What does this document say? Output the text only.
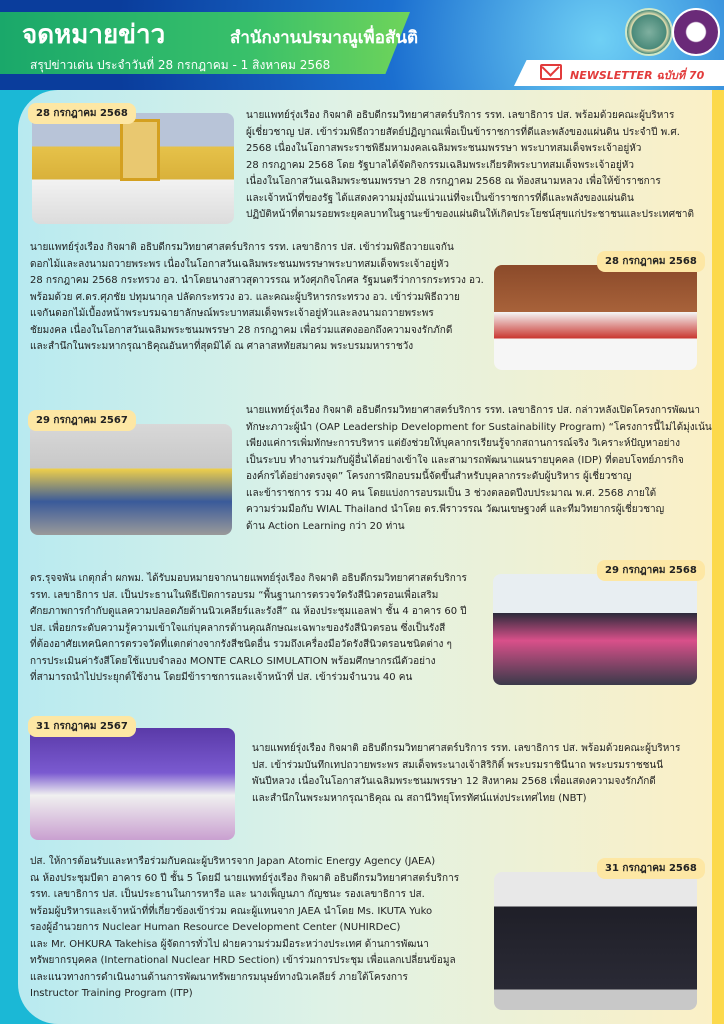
จดหมายข่าว	สำนักงานปรมาณูเพื่อสันติ
สรุปข่าวเด่น ประจำวันที่ 28 กรกฎาคม - 1 สิงหาคม 2568
NEWSLETTER ฉบับที่ 70
28 กรกฎาคม 2568	นายแพทย์รุ่งเรือง กิจผาติ อธิบดีกรมวิทยาศาสตร์บริการ รรท. เลขาธิการ ปส. พร้อมด้วยคณะผู้บริหาร
ผู้เชี่ยวชาญ ปส. เข้าร่วมพิธีถวายสัตย์ปฏิญาณเพื่อเป็นข้าราชการที่ดีและพลังของแผ่นดิน ประจำปี พ.ศ.
2568 เนื่องในโอกาสพระราชพิธีมหามงคลเฉลิมพระชนมพรรษา พระบาทสมเด็จพระเจ้าอยู่หัว
28 กรกฎาคม 2568 โดย รัฐบาลได้จัดกิจกรรมเฉลิมพระเกียรติพระบาทสมเด็จพระเจ้าอยู่หัว
เนื่องในโอกาสวันเฉลิมพระชนมพรรษา 28 กรกฎาคม 2568 ณ ท้องสนามหลวง เพื่อให้ข้าราชการ
และเจ้าหน้าที่ของรัฐ ได้แสดงความมุ่งมั่นแน่วแน่ที่จะเป็นข้าราชการที่ดีและพลังของแผ่นดิน
ปฏิบัติหน้าที่ตามรอยพระยุคลบาทในฐานะข้าของแผ่นดินให้เกิดประโยชน์สุขแก่ประชาชนและประเทศชาติ
นายแพทย์รุ่งเรือง กิจผาติ อธิบดีกรมวิทยาศาสตร์บริการ รรท. เลขาธิการ ปส. เข้าร่วมพิธีถวายแจกัน
ดอกไม้และลงนามถวายพระพร เนื่องในโอกาสวันเฉลิมพระชนมพรรษาพระบาทสมเด็จพระเจ้าอยู่หัว
28 กรกฎาคม 2568 กระทรวง อว. นำโดยนางสาวสุดาวรรณ หวังศุภกิจโกศล รัฐมนตรีว่าการกระทรวง อว.
พร้อมด้วย ศ.ดร.ศุภชัย ปทุมนากุล ปลัดกระทรวง อว. และคณะผู้บริหารกระทรวง อว. เข้าร่วมพิธีถวาย
แจกันดอกไม้เบื้องหน้าพระบรมฉายาลักษณ์พระบาทสมเด็จพระเจ้าอยู่หัวและลงนามถวายพระพร
ชัยมงคล เนื่องในโอกาสวันเฉลิมพระชนมพรรษา 28 กรกฎาคม เพื่อร่วมแสดงออกถึงความจงรักภักดี
และสำนึกในพระมหากรุณาธิคุณอันหาที่สุดมิได้ ณ ศาลาสหทัยสมาคม พระบรมมหาราชวัง
28 กรกฎาคม 2568
29 กรกฎาคม 2567
นายแพทย์รุ่งเรือง กิจผาติ อธิบดีกรมวิทยาศาสตร์บริการ รรท. เลขาธิการ ปส. กล่าวหลังเปิดโครงการพัฒนา
ทักษะภาวะผู้นำ (OAP Leadership Development for Sustainability Program) “โครงการนี้ไม่ได้มุ่งเน้น
เพียงแค่การเพิ่มทักษะการบริหาร แต่ยังช่วยให้บุคลากรเรียนรู้จากสถานการณ์จริง วิเคราะห์ปัญหาอย่าง
เป็นระบบ ทำงานร่วมกับผู้อื่นได้อย่างเข้าใจ และสามารถพัฒนาแผนรายบุคคล (IDP) ที่ตอบโจทย์ภารกิจ
องค์กรได้อย่างตรงจุด” โครงการฝึกอบรมนี้จัดขึ้นสำหรับบุคลากรระดับผู้บริหาร ผู้เชี่ยวชาญ
และข้าราชการ รวม 40 คน โดยแบ่งการอบรมเป็น 3 ช่วงตลอดปีงบประมาณ พ.ศ. 2568 ภายใต้
ความร่วมมือกับ WIAL Thailand นำโดย ดร.พีราวรรณ วัฒนเขษฐวงศ์ และทีมวิทยากรผู้เชี่ยวชาญ
ด้าน Action Learning กว่า 20 ท่าน
ดร.รุจจพัน เกตุกล่ำ ผกพม. ได้รับมอบหมายจากนายแพทย์รุ่งเรือง กิจผาติ อธิบดีกรมวิทยาศาสตร์บริการ
รรท. เลขาธิการ ปส. เป็นประธานในพิธีเปิดการอบรม “พื้นฐานการตรวจวัดรังสีนิวตรอนเพื่อเสริม
ศักยภาพการกำกับดูแลความปลอดภัยด้านนิวเคลียร์และรังสี” ณ ห้องประชุมแอลฟา ชั้น 4 อาคาร 60 ปี
ปส. เพื่อยกระดับความรู้ความเข้าใจแก่บุคลากรด้านคุณลักษณะเฉพาะของรังสีนิวตรอน ซึ่งเป็นรังสี
ที่ต้องอาศัยเทคนิคการตรวจวัดที่แตกต่างจากรังสีชนิดอื่น รวมถึงเครื่องมือวัดรังสีนิวตรอนชนิดต่าง ๆ
การประเมินค่ารังสีโดยใช้แบบจำลอง MONTE CARLO SIMULATION พร้อมศึกษากรณีตัวอย่าง
ที่สามารถนำไปประยุกต์ใช้งาน โดยมีข้าราชการและเจ้าหน้าที่ ปส. เข้าร่วมจำนวน 40 คน
29 กรกฎาคม 2568
31 กรกฎาคม 2567
นายแพทย์รุ่งเรือง กิจผาติ อธิบดีกรมวิทยาศาสตร์บริการ รรท. เลขาธิการ ปส. พร้อมด้วยคณะผู้บริหาร
ปส. เข้าร่วมบันทึกเทปถวายพระพร สมเด็จพระนางเจ้าสิริกิติ์ พระบรมราชินีนาถ พระบรมราชชนนี
พันปีหลวง เนื่องในโอกาสวันเฉลิมพระชนมพรรษา 12 สิงหาคม 2568 เพื่อแสดงความจงรักภักดี
และสำนึกในพระมหากรุณาธิคุณ ณ สถานีวิทยุโทรทัศน์แห่งประเทศไทย (NBT)
ปส. ให้การต้อนรับและหารือร่วมกับคณะผู้บริหารจาก Japan Atomic Energy Agency (JAEA)
ณ ห้องประชุมบีตา อาคาร 60 ปี ชั้น 5 โดยมี นายแพทย์รุ่งเรือง กิจผาติ อธิบดีกรมวิทยาศาสตร์บริการ
รรท. เลขาธิการ ปส. เป็นประธานในการหารือ และ นางเพ็ญนภา กัญชนะ รองเลขาธิการ ปส.
พร้อมผู้บริหารและเจ้าหน้าที่ที่เกี่ยวข้องเข้าร่วม คณะผู้แทนจาก JAEA นำโดย Ms. IKUTA Yuko
รองผู้อำนวยการ Nuclear Human Resource Development Center (NUHIRDeC)
และ Mr. OHKURA Takehisa ผู้จัดการทั่วไป ฝ่ายความร่วมมือระหว่างประเทศ ด้านการพัฒนา
ทรัพยากรบุคคล (International Nuclear HRD Section) เข้าร่วมการประชุม เพื่อแลกเปลี่ยนข้อมูล
และแนวทางการดำเนินงานด้านการพัฒนาทรัพยากรมนุษย์ทางนิวเคลียร์ ภายใต้โครงการ
Instructor Training Program (ITP)
31 กรกฎาคม 2568
